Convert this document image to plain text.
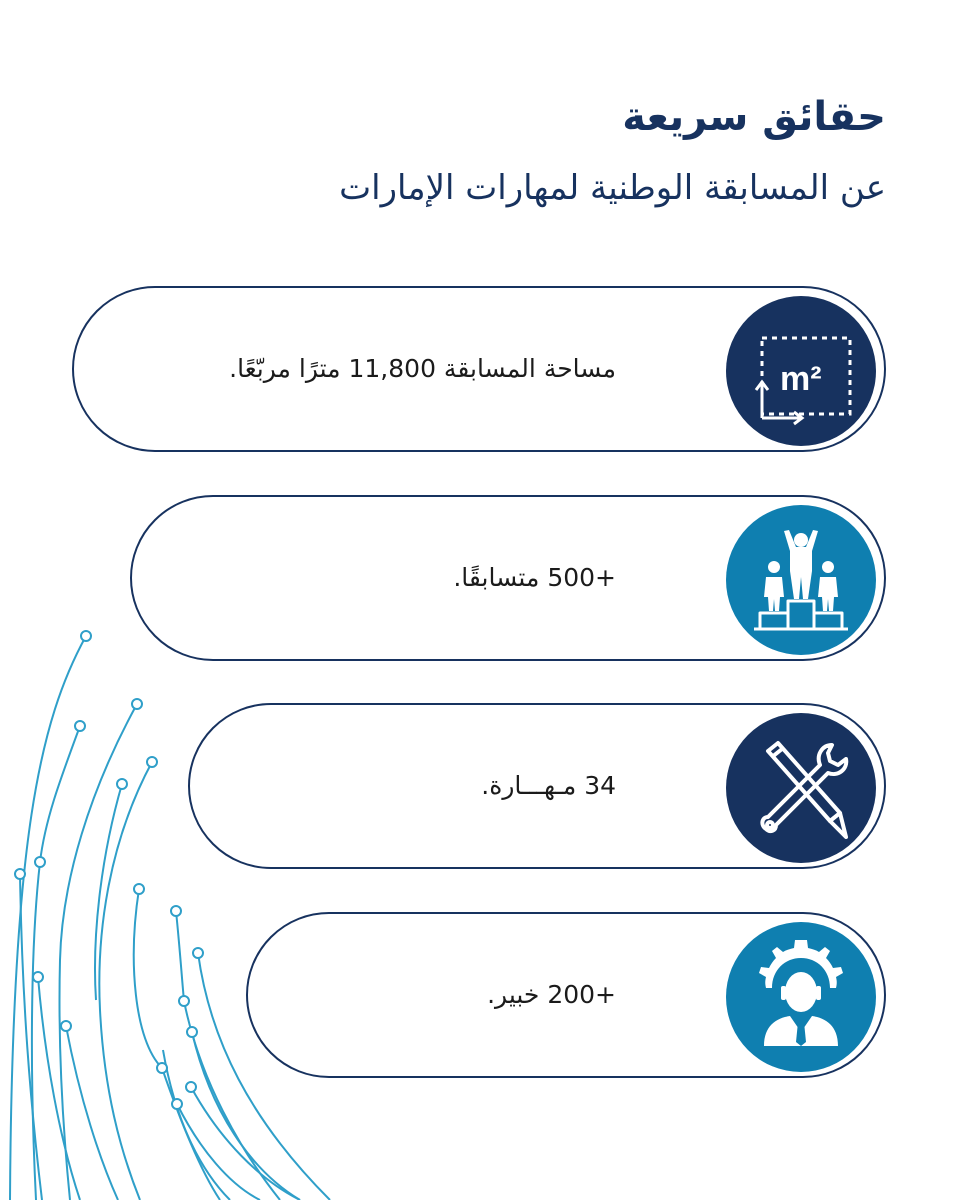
حقائق سريعة
عن المسابقة الوطنية لمهارات الإمارات
مساحة المسابقة 11,800 مترًا مربّعًا.	m²
+500 متسابقًا.
34 مـهـــارة.
+200 خبير.
